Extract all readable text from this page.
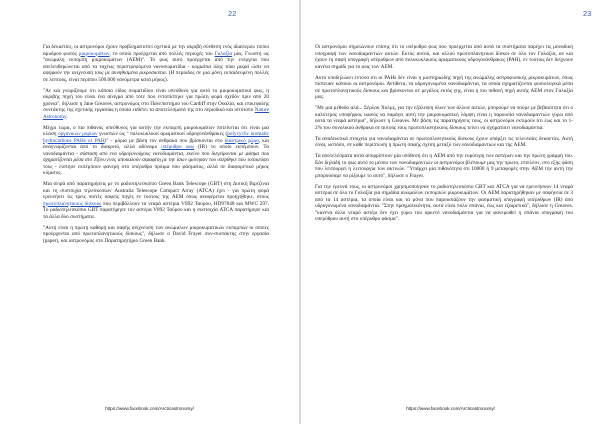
22

Για δεκαετίες, οι αστρονόμοι έχουν προβληματιστεί σχετικά με την ακριβή σύνθεση ενός ιδιαίτερου τύπου αμυδρού φωτός μικροκυμάτων, το οποίο προέρχεται από πολλές περιοχές του Γαλαξία μας. Γνωστή ως "ανώμαλη εκπομπή μικροκυμάτων (AEM)". Το φως αυτό προέρχεται από την ενέργεια που απελευθερώνεται από τα ταχέως περιστρεφόμενα νανοσωματίδια - κομμάτια ύλης τόσο μικρά ώστε να αψηφούν την ανίχνευση τους με συνηθισμένα μικροσκόπια. (Η περίοδος σε μια μόνη εκπαιδευμένη πολλές σε λεπτούς, είναι περίπου 500.000 νανόμετρα κατά μήκος).

"Αν και γνωρίζουμε ότι κάποιο είδος σωματιδίου είναι υπεύθυνο για αυτό το μικροκυματικό φως, η ακριβής πηγή του είναι ένα αίνιγμα από τότε που εντοπίστηκε για πρώτη φορά σχεδόν πριν από 20 χρόνια", δήλωσε η Jane Greaves, αστρονόμος στο Πανεπιστήμιο του Cardiff στην Ουαλία, και επικεφαλής συντάκτης της σχετικής εργασίας η οποία εκθέτει τα αποτελέσματά της στο περιοδικό και ιστότοπο Nature Astronomy.

Μέχρι τώρα, ο πιο πιθανός υπεύθυνος για αυτήν την εκπομπή μικροκυμάτων ποτείνεται ότι είναι μια κλάση οργανικών μορίων γνωστών ως " πολυκυκλικοί αρωματικοί υδρογονάνθρακες (polycyclic aromatic hydrocarbons PAHs or PAH)" - μόρια με βάση τον άνθρακα που βρίσκονται στο διαστρικό χώρο, και αναγνωρίζονται από το διακριτό, αλλά αδύναμο υπέρυθρο φως (IR) το οποίο εκπέμπουν. Τα νανοδιαμάντια - σύσταση από ενα υδρογονούχους νανοδιαμάντια, εκείνο που διεγείρονται με φάσμα που σχηματίζονται μέσα στο Τζόνυ ενός αποκαλούν σεραφίτη με την ίσων ιμόνησαν του υπέρθηκε που τοπικεύσει τους - είστησε εκπέμπουν φανερή στο υπέρυθρο πρόιμα που φάσματος, αλλά σε διαφορετικό μήκος κύματος.

Μια σειρά από παρατηρήσεις με το ραδιοτηλεσκόπιο Green Bank Telescope (GBT) στη Δυτική Βιρτζίνια και τη συστοιχία τηλεσκοπίων Australia Telescope Compact Array (ATCA) έχει - για πρώτη φορά ερευνήσει τις τρεις πιστές σαφείς πηγές εν τούτοις της AEM όπως αναφέρεται προηγήθηκε, στους πρωτοπλανητικούς δίσκους που περιβάλλουν τα νεαρά αστέρια V892 Ταύρου, HD97048 και MWC 297. Το ραδιοτηλεσκόπιο GBT παρατήρησε τον αστέρα V892 Ταύρου και η συστοιχία ATCA παρατήρησε και τα άλλα δύο συστήματα.

"Αυτή είναι η πρώτη καθαρή και σαφής ανίχνευση των ανώμαλων μικροκυματικών εκπομπών οι οποίες προέρχονται από πρωτοπλανητικούς δίσκους", δήλωσε ο David Frayer συν-συντάκτης στην εργασία (paper), και αστρονόμος στο Παρατηρητήριο Green Bank.

https://www.facebook.com/Αrcticastronomy/
23

Οι αστρονόμοι σημειώνουν επίσης ότι το υπέρυθρο φως που προέρχεται από αυτά τα συστήματα παρέχει τις μοναδική υπογραφή των νανοδιαμαντιών αυτών. Εκτός αυτού, και αλλού πρωτοπλανητικοί δίσκοι σε όλο τον Γαλαξία, αν και έχουν τη σαφή υπογραφή υπέρυθρων από πολυκυκλικούς αρωματικούς υδρογονάνθρακες (PAH), εν τούτοις δεν δείχνουν κανένα σημάδι για το φως των AEM.

Αυτό υποδηλώνει έντονα ότι οι PAHs δεν είναι η μυστηριώδης πηγή της ανώμαλης αστροφυσικής μικροκυμάτων, όπως πίστευαν κάποιοι οι αστρονόμοι. Αντίθετα, τα υδρογονωμένα νανοδιαμάντια, τα οποία σχηματίζονται φυσιολογικά μέσα σε πρωτοπλανητικούς δίσκους και βρίσκονται σε μεγάλος εκτός γης, είναι η πιο πιθανή πηγή αυτής AEM στον Γαλαξία μας.

"Με μια μέθοδο αλά... Σέρλοκ Χολμς, για την εξάλειψη όλων των άλλων αιτιών, μπορούμε να πούμε με βεβαιότητα ότι ο καλύτερος υποψήφιος ικανός να παράγει αυτή την μικροκυματική λάμψη είναι η παρουσία νανοδιαμαντιών γύρω από αυτά τα νεαρά αστέρια", δήλωσε η Greaves. Με βάση τις παρατηρήσεις τους, οι αστρονόμοι εκτιμούν ότι έως και το 1-2% του συνολικού άνθρακα σε αυτούς τους πρωτοπλανητικούς δίσκους τείνει να σχηματίσει νανοδιαμάντια.

Τα αποδεικτικά στοιχεία για νανοδιαμάντια σε πρωτοπλανητικούς δίσκους έχουν υπάρξει τις τελευταίες δεκαετίες. Αυτή είναι, ωστόσο, σε καθε περίπτωση η πρώτη σαφής σχέση μεταξύ των νανοδιαμαντιών και της AEM.

Τα αποτελέσματα αυτά απορρίπτουν μία υπόθεση ότι η AEM από την ευρύτερη των αστέρων και την πρώτη γραμμή του. Εάν δηλαδή το φως αυτό το μέσου των νανοδιαμαντιών οι αστρονόμοι βλέπουμε μας την πρωτο, επιπλέον, στο εξής φάση που λειτουργεί η λειτουργία των ακτινών. "Υπάρχει μία πιθανότητα ότι 10000 ή 9 μεταφορές στην AEM την αυτή την μπορούσαμε να ρίξουμε το αυτό", δήλωσε ο Frayer.

Για την έρευνά τους, οι αστρονόμοι χρησιμοποίησαν το ραδιοτηλεσκόπιο GBT και ATCA για να ερευνήσουν 14 νεαρά αστέρια σε όλο το Γαλαξία για σημάδια ανώμαλων εκπομπών μικροκυμάτων. Οι AEM παρατηρήθηκαν με σαφήνεια σε 3 από τα 14 αστέρια, τα οποία είναι και τα μόνα που παρουσιάζουν την φασματική υπογραφή υπέρυθρων (IR) από υδρογονωμένα νανοδιαμάντια. "Στην πραγματικότητα, αυτά είναι πολύ σπάνια, έως και εξαιρετικά", δήλωσε η Greaves. "κανένα άλλο νεαρό αστέρι δεν έχει γύρω του αρκετό νανοδιαμάντια για να φανερωθεί η σπάνια υπογραφή του υπερύθρου αυτή στο υπέρυθρο φάσμα".

https://www.facebook.com/Αrcticastronomy/
